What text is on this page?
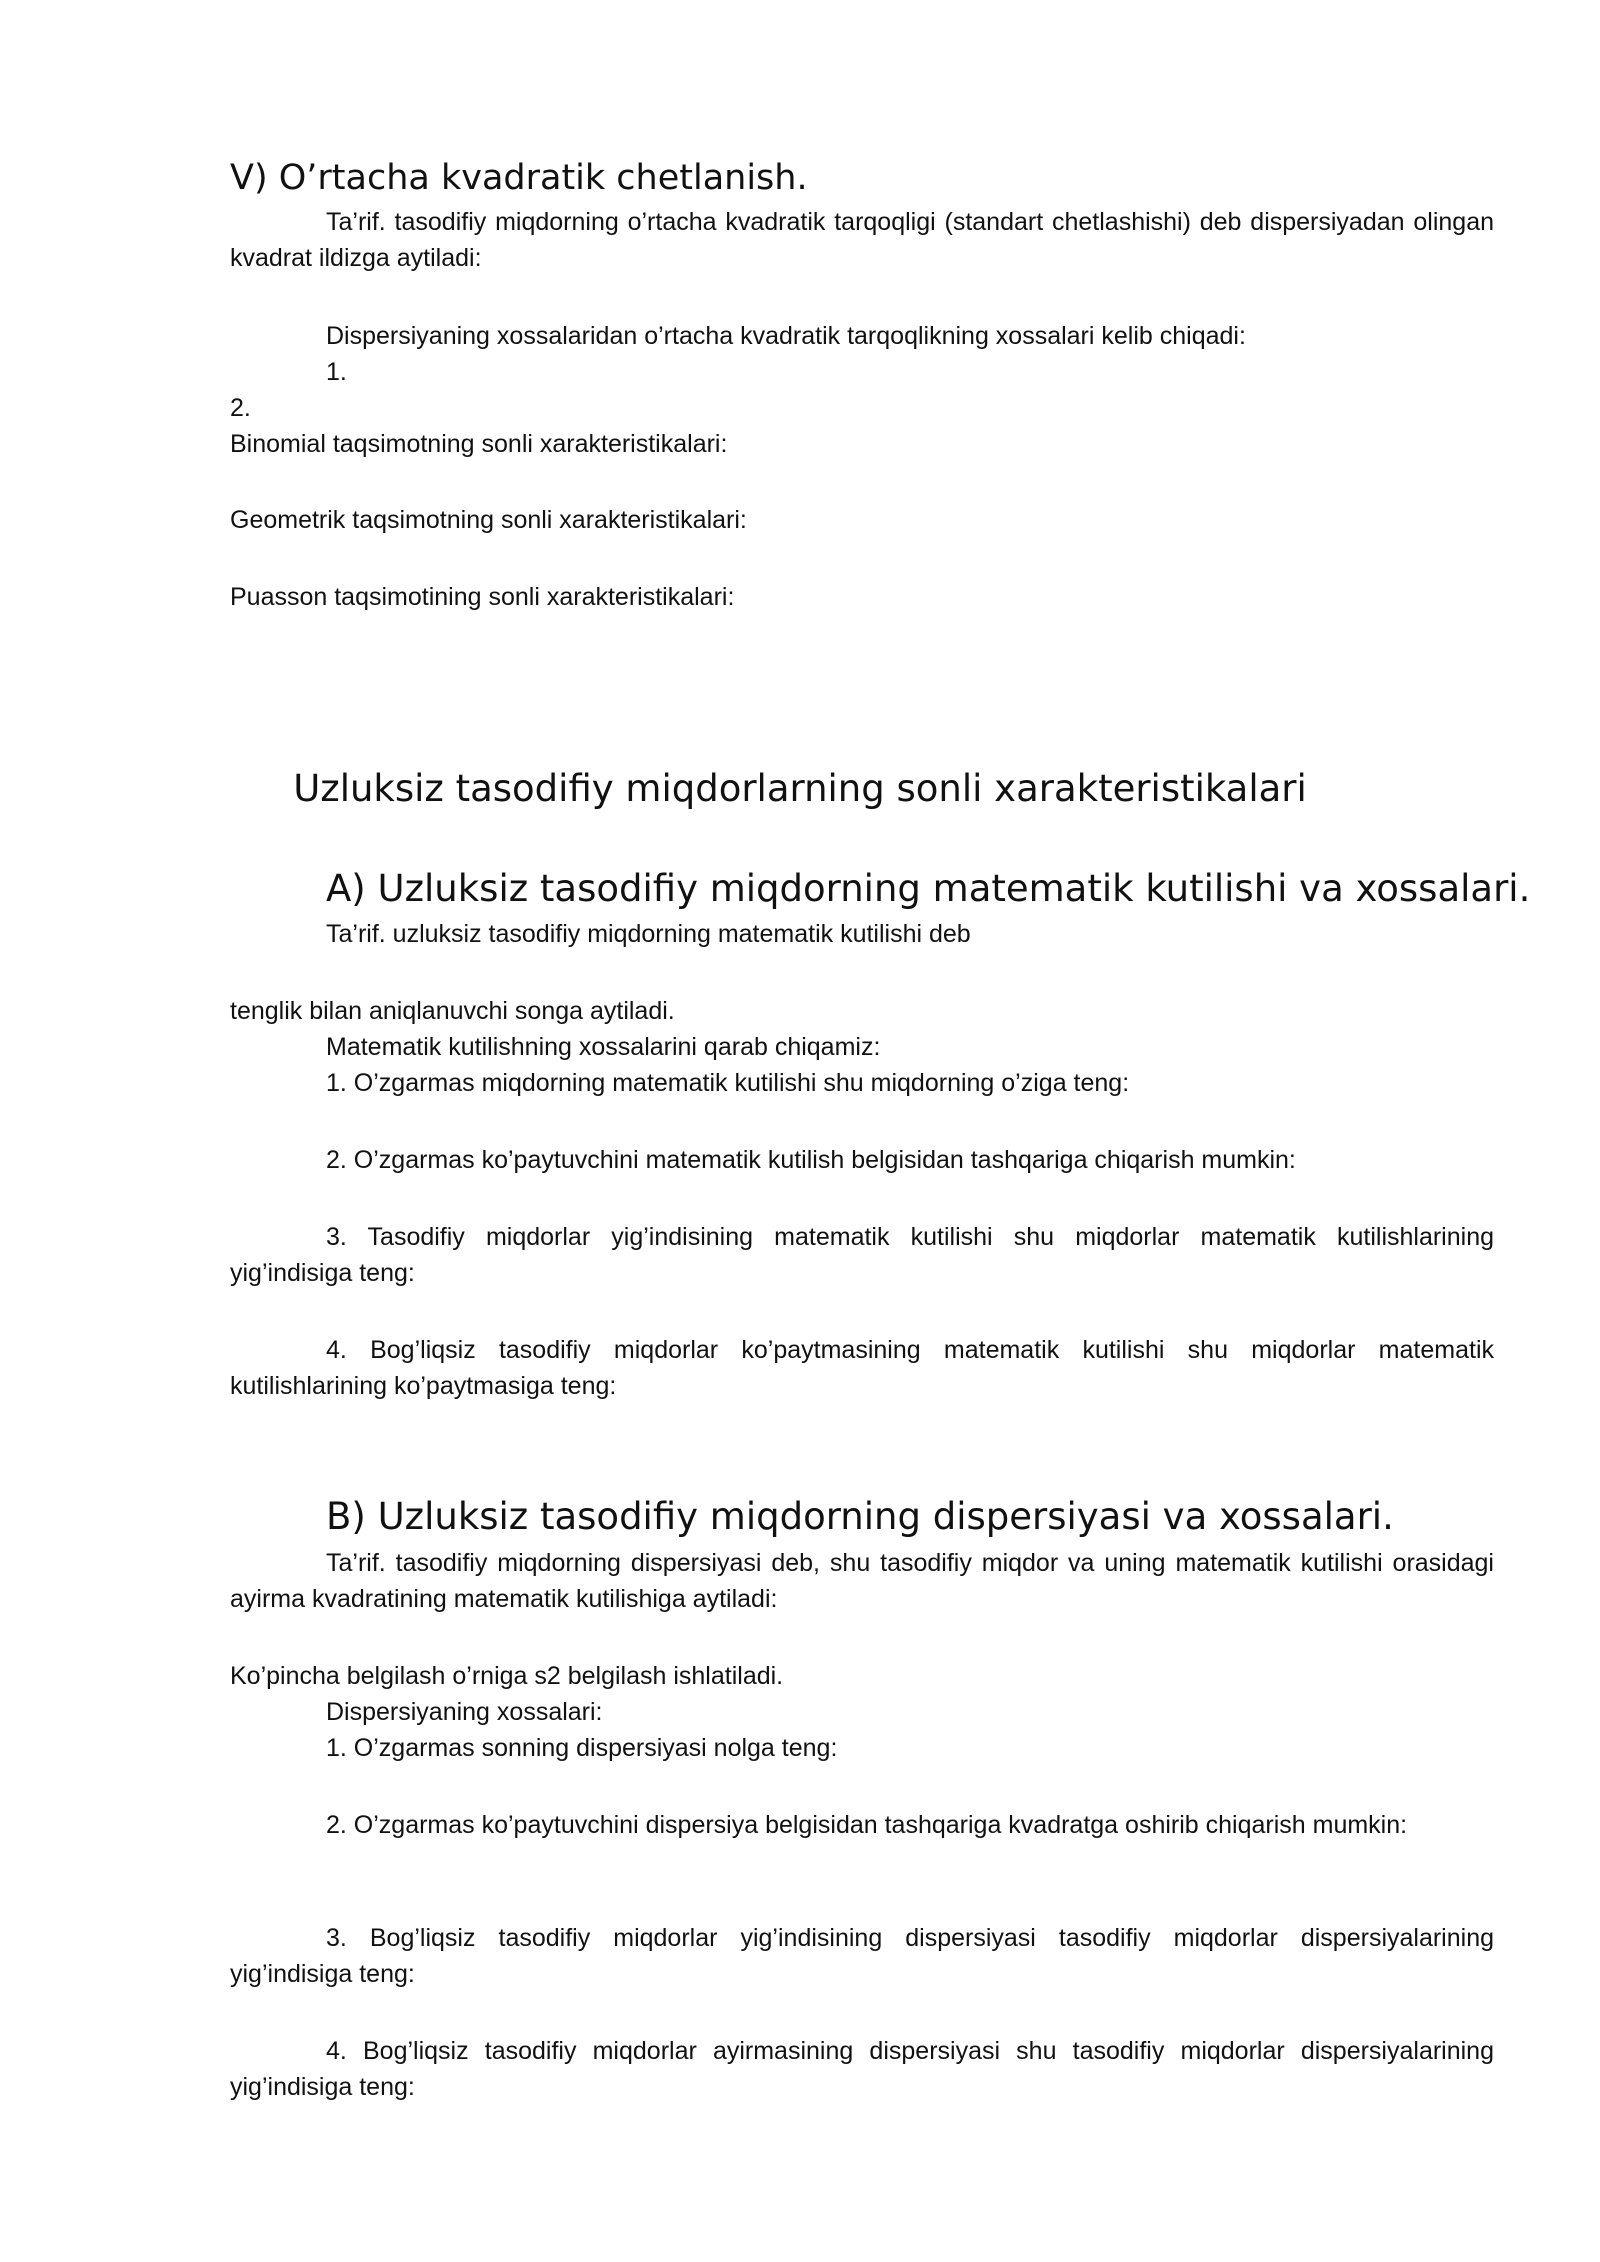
V) O’rtacha kvadratik chetlanish.

Ta’rif. tasodifiy miqdorning o’rtacha kvadratik tarqoqligi (standart chetlashishi) deb dispersiyadan olingan kvadrat ildizga aytiladi:

Dispersiyaning xossalaridan o’rtacha kvadratik tarqoqlikning xossalari kelib chiqadi:

1.

2.

Binomial taqsimotning sonli xarakteristikalari:

Geometrik taqsimotning sonli xarakteristikalari:

Puasson taqsimotining sonli xarakteristikalari:

Uzluksiz tasodifiy miqdorlarning sonli xarakteristikalari
A) Uzluksiz tasodifiy miqdorning matematik kutilishi va xossalari.

Ta’rif. uzluksiz tasodifiy miqdorning matematik kutilishi deb

tenglik bilan aniqlanuvchi songa aytiladi.

Matematik kutilishning xossalarini qarab chiqamiz:

1. O’zgarmas miqdorning matematik kutilishi shu miqdorning o’ziga teng:

2. O’zgarmas ko’paytuvchini matematik kutilish belgisidan tashqariga chiqarish mumkin:

3. Tasodifiy miqdorlar yig’indisining matematik kutilishi shu miqdorlar matematik kutilishlarining yig’indisiga teng:

4. Bog’liqsiz tasodifiy miqdorlar ko’paytmasining matematik kutilishi shu miqdorlar matematik kutilishlarining ko’paytmasiga teng:

B) Uzluksiz tasodifiy miqdorning dispersiyasi va xossalari.

Ta’rif. tasodifiy miqdorning dispersiyasi deb, shu tasodifiy miqdor va uning matematik kutilishi orasidagi ayirma kvadratining matematik kutilishiga aytiladi:

Ko’pincha belgilash o’rniga s2 belgilash ishlatiladi.

Dispersiyaning xossalari:

1. O’zgarmas sonning dispersiyasi nolga teng:

2. O’zgarmas ko’paytuvchini dispersiya belgisidan tashqariga kvadratga oshirib chiqarish mumkin:

3. Bog’liqsiz tasodifiy miqdorlar yig’indisining dispersiyasi tasodifiy miqdorlar dispersiyalarining yig’indisiga teng:

4. Bog’liqsiz tasodifiy miqdorlar ayirmasining dispersiyasi shu tasodifiy miqdorlar dispersiyalarining yig’indisiga teng:
